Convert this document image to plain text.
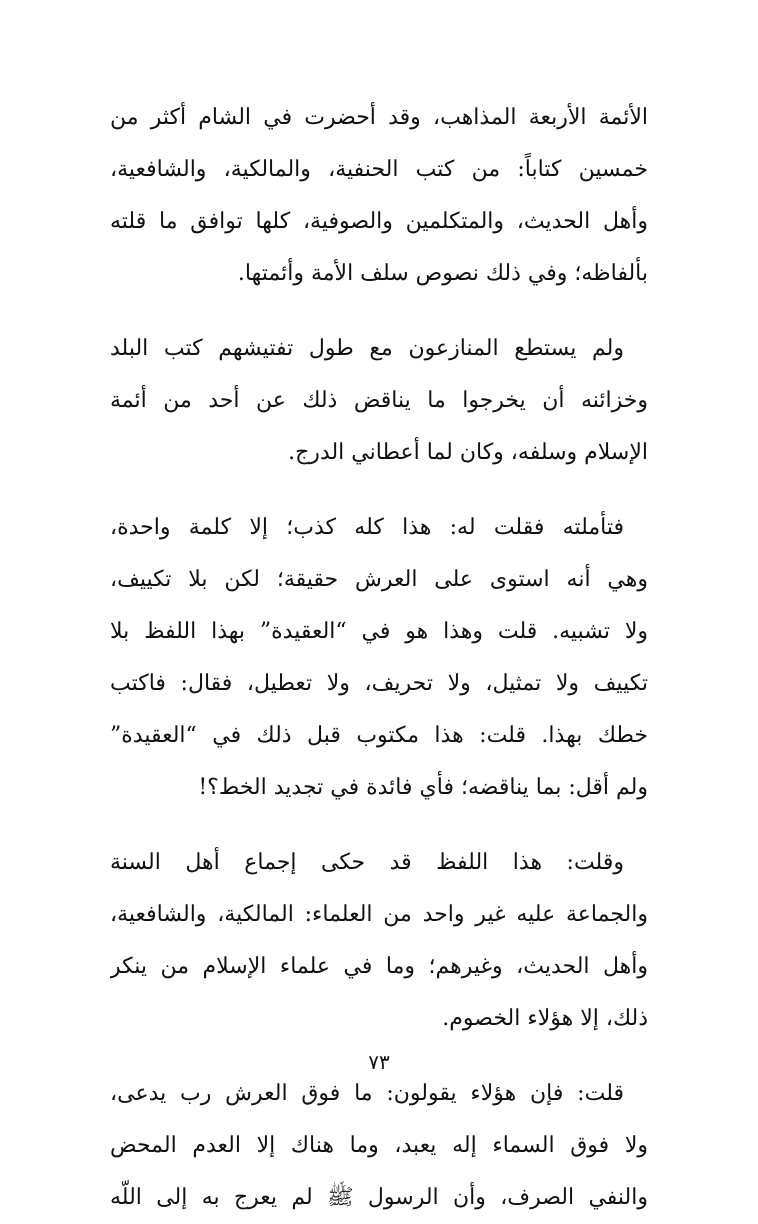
الأئمة الأربعة المذاهب، وقد أحضرت في الشام أكثر من
خمسين كتاباً: من كتب الحنفية، والمالكية، والشافعية،
وأهل الحديث، والمتكلمين والصوفية، كلها توافق ما قلته
بألفاظه؛ وفي ذلك نصوص سلف الأمة وأئمتها.
ولم يستطع المنازعون مع طول تفتيشهم كتب البلد
وخزائنه أن يخرجوا ما يناقض ذلك عن أحد من أئمة
الإسلام وسلفه، وكان لما أعطاني الدرج.
فتأملته فقلت له: هذا كله كذب؛ إلا كلمة واحدة،
وهي أنه استوى على العرش حقيقة؛ لكن بلا تكييف،
ولا تشبيه. قلت وهذا هو في “العقيدة” بهذا اللفظ بلا
تكييف ولا تمثيل، ولا تحريف، ولا تعطيل، فقال: فاكتب
خطك بهذا. قلت: هذا مكتوب قبل ذلك في “العقيدة”
ولم أقل: بما يناقضه؛ فأي فائدة في تجديد الخط؟!
وقلت: هذا اللفظ قد حكى إجماع أهل السنة
والجماعة عليه غير واحد من العلماء: المالكية، والشافعية،
وأهل الحديث، وغيرهم؛ وما في علماء الإسلام من ينكر
ذلك، إلا هؤلاء الخصوم.
قلت: فإن هؤلاء يقولون: ما فوق العرش رب يدعى،
ولا فوق السماء إله يعبد، وما هناك إلا العدم المحض
والنفي الصرف، وأن الرسول ﷺ لم يعرج به إلى اللّه
٧٣
